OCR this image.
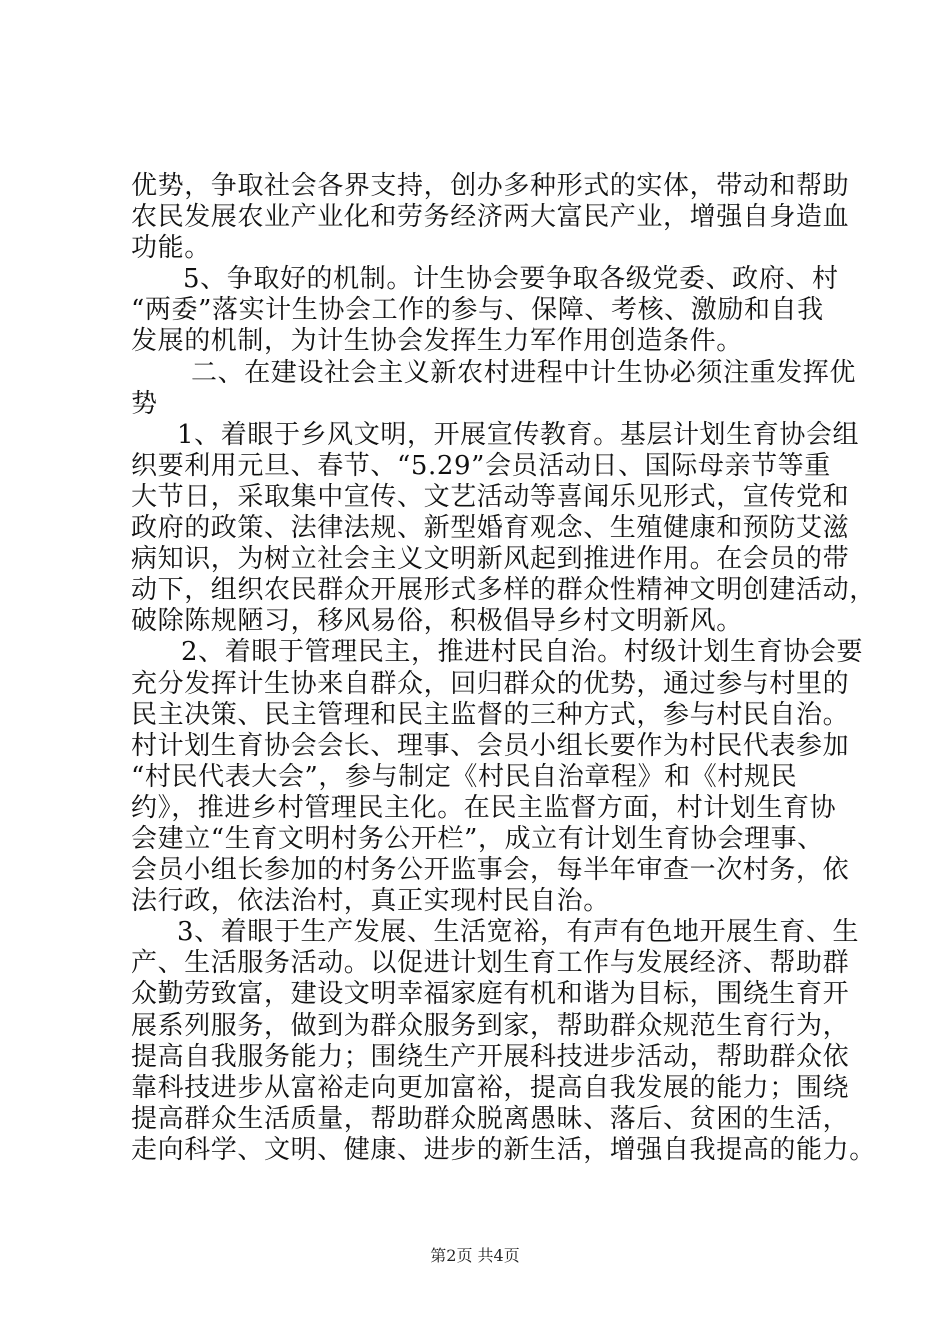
优势，争取社会各界支持，创办多种形式的实体，带动和帮助
农民发展农业产业化和劳务经济两大富民产业，增强自身造血
功能。
5、争取好的机制。计生协会要争取各级党委、政府、村
“两委”落实计生协会工作的参与、保障、考核、激励和自我
发展的机制，为计生协会发挥生力军作用创造条件。
二、在建设社会主义新农村进程中计生协必须注重发挥优
势
1、着眼于乡风文明，开展宣传教育。基层计划生育协会组
织要利用元旦、春节、“5.29”会员活动日、国际母亲节等重
大节日，采取集中宣传、文艺活动等喜闻乐见形式，宣传党和
政府的政策、法律法规、新型婚育观念、生殖健康和预防艾滋
病知识，为树立社会主义文明新风起到推进作用。在会员的带
动下，组织农民群众开展形式多样的群众性精神文明创建活动，
破除陈规陋习，移风易俗，积极倡导乡村文明新风。
2、着眼于管理民主，推进村民自治。村级计划生育协会要
充分发挥计生协来自群众，回归群众的优势，通过参与村里的
民主决策、民主管理和民主监督的三种方式，参与村民自治。
村计划生育协会会长、理事、会员小组长要作为村民代表参加
“村民代表大会”，参与制定《村民自治章程》和《村规民
约》，推进乡村管理民主化。在民主监督方面，村计划生育协
会建立“生育文明村务公开栏”，成立有计划生育协会理事、
会员小组长参加的村务公开监事会，每半年审查一次村务，依
法行政，依法治村，真正实现村民自治。
3、着眼于生产发展、生活宽裕，有声有色地开展生育、生
产、生活服务活动。以促进计划生育工作与发展经济、帮助群
众勤劳致富，建设文明幸福家庭有机和谐为目标，围绕生育开
展系列服务，做到为群众服务到家，帮助群众规范生育行为，
提高自我服务能力；围绕生产开展科技进步活动，帮助群众依
靠科技进步从富裕走向更加富裕，提高自我发展的能力；围绕
提高群众生活质量，帮助群众脱离愚昧、落后、贫困的生活，
走向科学、文明、健康、进步的新生活，增强自我提高的能力。
第2页 共4页
